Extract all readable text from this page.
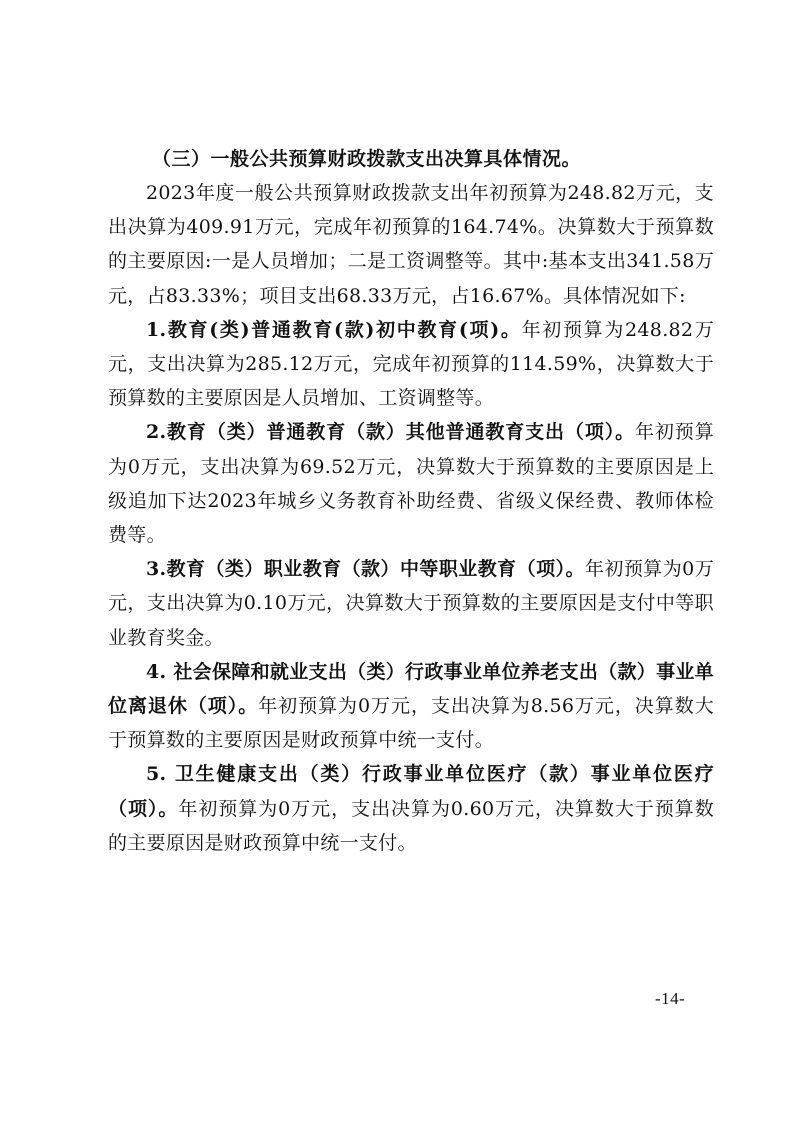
（三）一般公共预算财政拨款支出决算具体情况。

2023年度一般公共预算财政拨款支出年初预算为248.82万元，支出决算为409.91万元，完成年初预算的164.74%。决算数大于预算数的主要原因:一是人员增加；二是工资调整等。其中:基本支出341.58万元，占83.33%；项目支出68.33万元，占16.67%。具体情况如下:

1.教育(类)普通教育(款)初中教育(项)。年初预算为248.82万元，支出决算为285.12万元，完成年初预算的114.59%，决算数大于预算数的主要原因是人员增加、工资调整等。

2.教育（类）普通教育（款）其他普通教育支出（项）。年初预算为0万元，支出决算为69.52万元，决算数大于预算数的主要原因是上级追加下达2023年城乡义务教育补助经费、省级义保经费、教师体检费等。

3.教育（类）职业教育（款）中等职业教育（项）。年初预算为0万元，支出决算为0.10万元，决算数大于预算数的主要原因是支付中等职业教育奖金。

4. 社会保障和就业支出（类）行政事业单位养老支出（款）事业单位离退休（项）。年初预算为0万元，支出决算为8.56万元，决算数大于预算数的主要原因是财政预算中统一支付。

5. 卫生健康支出（类）行政事业单位医疗（款）事业单位医疗（项）。年初预算为0万元，支出决算为0.60万元，决算数大于预算数的主要原因是财政预算中统一支付。

-14-
